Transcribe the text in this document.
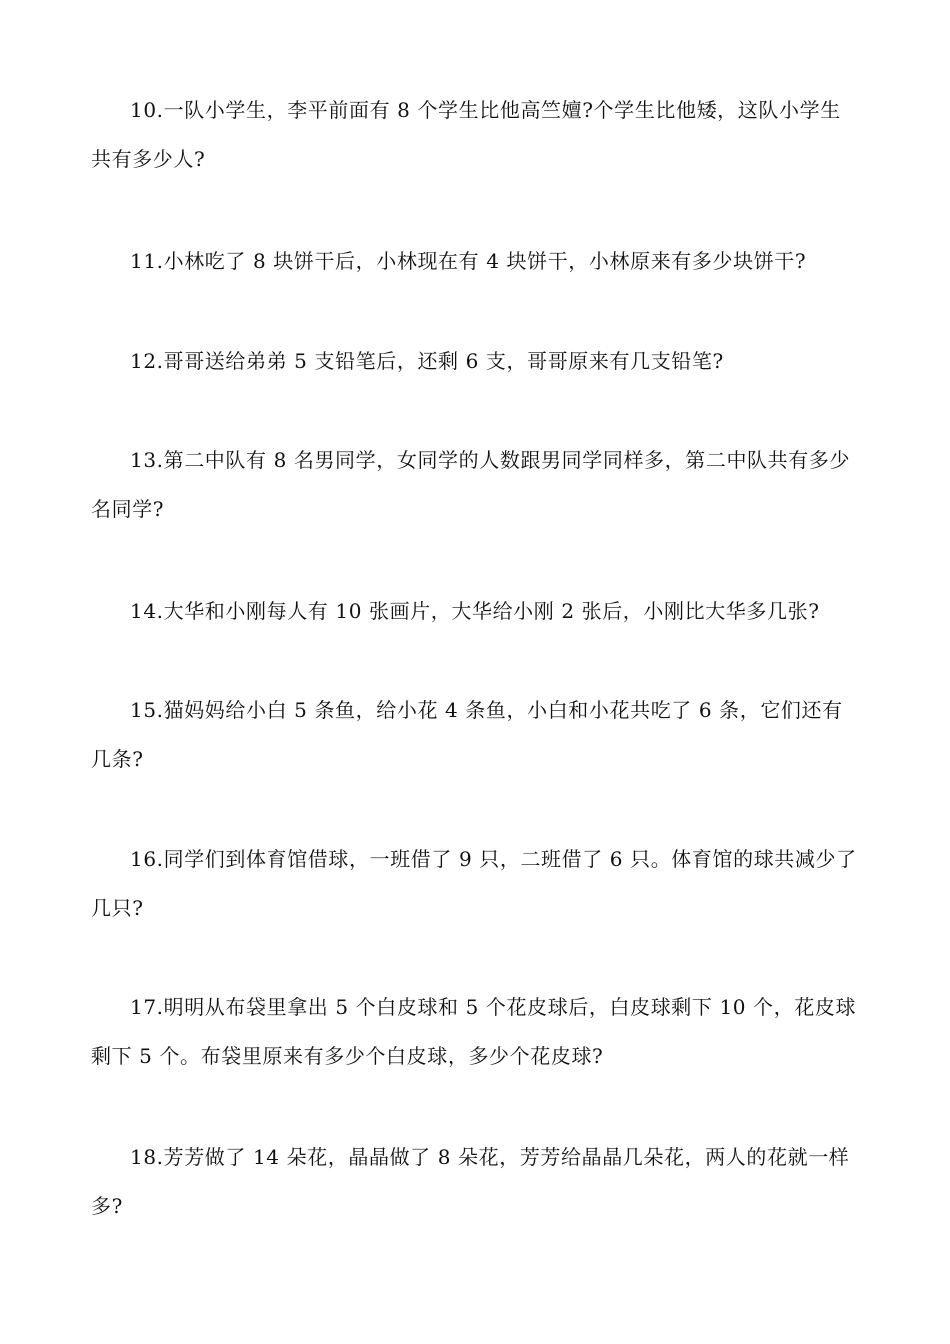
10.一队小学生，李平前面有 8 个学生比他高竺嬗?个学生比他矮，这队小学生共有多少人?

11.小林吃了 8 块饼干后，小林现在有 4 块饼干，小林原来有多少块饼干?

12.哥哥送给弟弟 5 支铅笔后，还剩 6 支，哥哥原来有几支铅笔?

13.第二中队有 8 名男同学，女同学的人数跟男同学同样多，第二中队共有多少名同学?

14.大华和小刚每人有 10 张画片，大华给小刚 2 张后，小刚比大华多几张?

15.猫妈妈给小白 5 条鱼，给小花 4 条鱼，小白和小花共吃了 6 条，它们还有几条?

16.同学们到体育馆借球，一班借了 9 只，二班借了 6 只。体育馆的球共减少了几只?

17.明明从布袋里拿出 5 个白皮球和 5 个花皮球后，白皮球剩下 10 个，花皮球剩下 5 个。布袋里原来有多少个白皮球，多少个花皮球?

18.芳芳做了 14 朵花，晶晶做了 8 朵花，芳芳给晶晶几朵花，两人的花就一样多?
